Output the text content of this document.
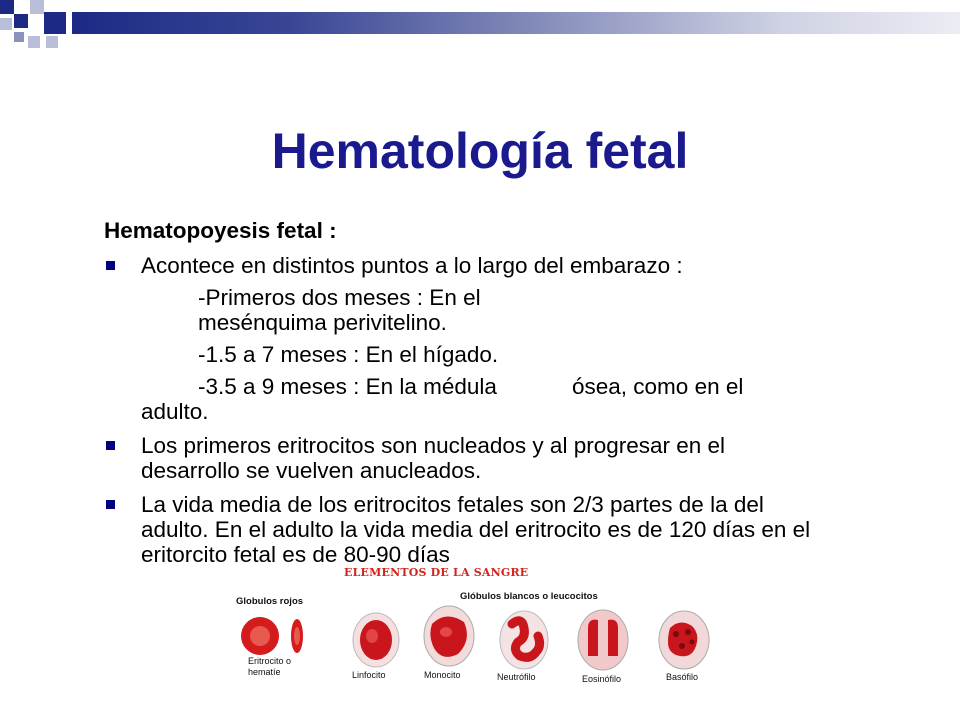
Hematología fetal
Hematopoyesis fetal :
Acontece en distintos puntos a lo largo del embarazo :
-Primeros dos meses : En el mesénquima perivitelino.
-1.5 a 7 meses : En el hígado.
-3.5 a 9 meses : En la médula	ósea, como en el
adulto.
Los primeros eritrocitos son nucleados y al progresar en el desarrollo se vuelven anucleados.
La vida media de los eritrocitos fetales son 2/3 partes de la del adulto. En el adulto la vida media del eritrocito es de 120 días en el eritorcito fetal es de 80-90 días
ELEMENTOS DE LA SANGRE
Globulos rojos	Glóbulos blancos o leucocitos
Eritrocito o
hematíe	Linfocito	Monocito	Neutrófilo	Eosinófilo	Basófilo
